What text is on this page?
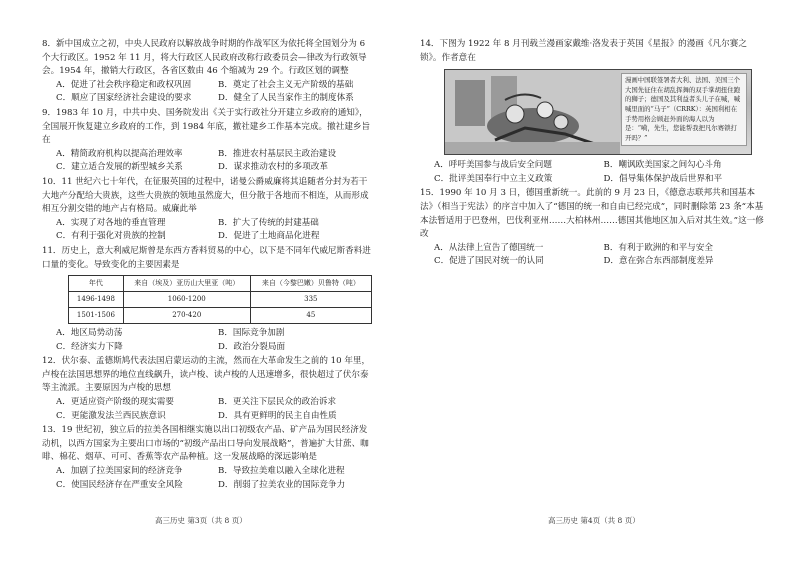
8．新中国成立之初，中央人民政府以解放战争时期的作战军区为依托将全国划分为 6 个大行政区。1952 年 11 月，将大行政区人民政府改称行政委员会—律改为行政领导会。1954 年，撤销大行政区，各省区数由 46 个缩减为 29 个。行政区划的调整
A．促进了社会秩序稳定和政权巩固	B．奠定了社会主义无产阶级的基础
C．顺应了国家经济社会建设的要求	D．健全了人民当家作主的制度体系
9．1983 年 10 月，中共中央、国务院发出《关于实行政社分开建立乡政府的通知》，全国展开恢复建立乡政府的工作，到 1984 年底，撤社建乡工作基本完成。撤社建乡旨在
A．精简政府机构以提高治理效率	B．推进农村基层民主政治建设
C．建立适合发展的新型城乡关系	D．谋求推动农村的多项改革
10．11 世纪六七十年代，在征服英国的过程中，诺曼公爵威廉将其追随者分封为若干大地产分配给大贵族，这些大贵族的领地虽然庞大，但分散于各地而不相连，从而形成相互分割交错的地产占有格局。威廉此举
A．实现了对各地的垂直管理	B．扩大了传统的封建基础
C．有利于强化对贵族的控制	D．促进了土地商品化进程
11．历史上，意大利威尼斯曾是东西方香料贸易的中心，以下是不同年代威尼斯香料进口量的变化。导致变化的主要因素是
年代	来自（埃及）亚历山大里亚（吨）	来自（今黎巴嫩）贝鲁特（吨）
1496-1498	1060-1200	335
1501-1506	270-420	45
A．地区局势动荡	B．国际竞争加剧
C．经济实力下降	D．政治分裂局面
12．伏尔泰、孟德斯鸠代表法国启蒙运动的主流，然而在大革命发生之前的 10 年里，卢梭在法国思想界的地位直线飙升，读卢梭、读卢梭的人迅速增多，很快超过了伏尔泰等主流派。主要原因为卢梭的思想
A．更适应资产阶级的现实需要	B．更关注下层民众的政治诉求
C．更能激发法兰西民族意识	D．具有更鲜明的民主自由性质
13．19 世纪初，独立后的拉美各国相继实施以出口初级农产品、矿产品为国民经济发动机，以西方国家为主要出口市场的“初级产品出口导向发展战略”，普遍扩大甘蔗、咖啡、棉花、烟草、可可、香蕉等农产品种植。这一发展战略的深远影响是
A．加剧了拉美国家间的经济竞争	B．导致拉美难以融入全球化进程
C．使国民经济存在严重安全风险	D．削弱了拉美农业的国际竞争力
14．下图为 1922 年 8 月刊载兰漫画家戴维·洛发表于英国《星报》的漫画《凡尔赛之锁》。作者意在
漫画中国联签署者大利、法国、美国三个大国先征住在胡乱挥舞的双手掌胡扭住跑的狮子；德国及其利益者头儿子在喊，喊喊里面的“马子”（CRRK）：英国利相在手势用格会顾赶外面的海人以为是：“嗬，先生，您能帮我把凡尔赛锁打开吗？”
A．呼吁美国参与战后安全问题	B．嘲讽欧美国家之间勾心斗角
C．批评美国奉行中立主义政策	D．倡导集体保护战后世界和平
15．1990 年 10 月 3 日，德国重新统一。此前的 9 月 23 日，《德意志联邦共和国基本法》（相当于宪法）的序言中加入了“德国的统一和自由已经完成”，同时删除第 23 条“本基本法暂适用于巴登州，巴伐利亚州……大柏林州……德国其他地区加入后对其生效。”这一修改
A．从法律上宣告了德国统一	B．有利于欧洲的和平与安全
C．促进了国民对统一的认同	D．意在弥合东西部制度差异
高三历史 第3页（共 8 页）	高三历史 第4页（共 8 页）
